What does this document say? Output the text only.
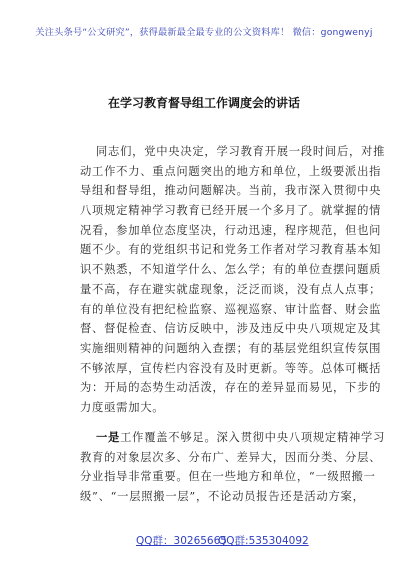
关注头条号“公文研究”，获得最新最全最专业的公文资料库！ 微信：gongwenyj
在学习教育督导组工作调度会的讲话
同志们，党中央决定，学习教育开展一段时间后，对推
动工作不力、重点问题突出的地方和单位，上级要派出指
导组和督导组，推动问题解决。当前，我市深入贯彻中央
八项规定精神学习教育已经开展一个多月了。就掌握的情
况看，参加单位态度坚决，行动迅速，程序规范，但也问
题不少。有的党组织书记和党务工作者对学习教育基本知
识不熟悉，不知道学什么、怎么学；有的单位查摆问题质
量不高，存在避实就虚现象，泛泛而谈，没有点人点事；
有的单位没有把纪检监察、巡视巡察、审计监督、财会监
督、督促检查、信访反映中，涉及违反中央八项规定及其
实施细则精神的问题纳入查摆；有的基层党组织宣传氛围
不够浓厚，宣传栏内容没有及时更新。等等。总体可概括
为：开局的态势生动活泼，存在的差异显而易见，下步的
力度亟需加大。
一是工作覆盖不够足。深入贯彻中央八项规定精神学习
教育的对象层次多、分布广、差异大，因而分类、分层、
分业指导非常重要。但在一些地方和单位，“一级照搬一
级”、“一层照搬一层”，不论动员报告还是活动方案，
QQ群：30265665
QQ群:535304092
